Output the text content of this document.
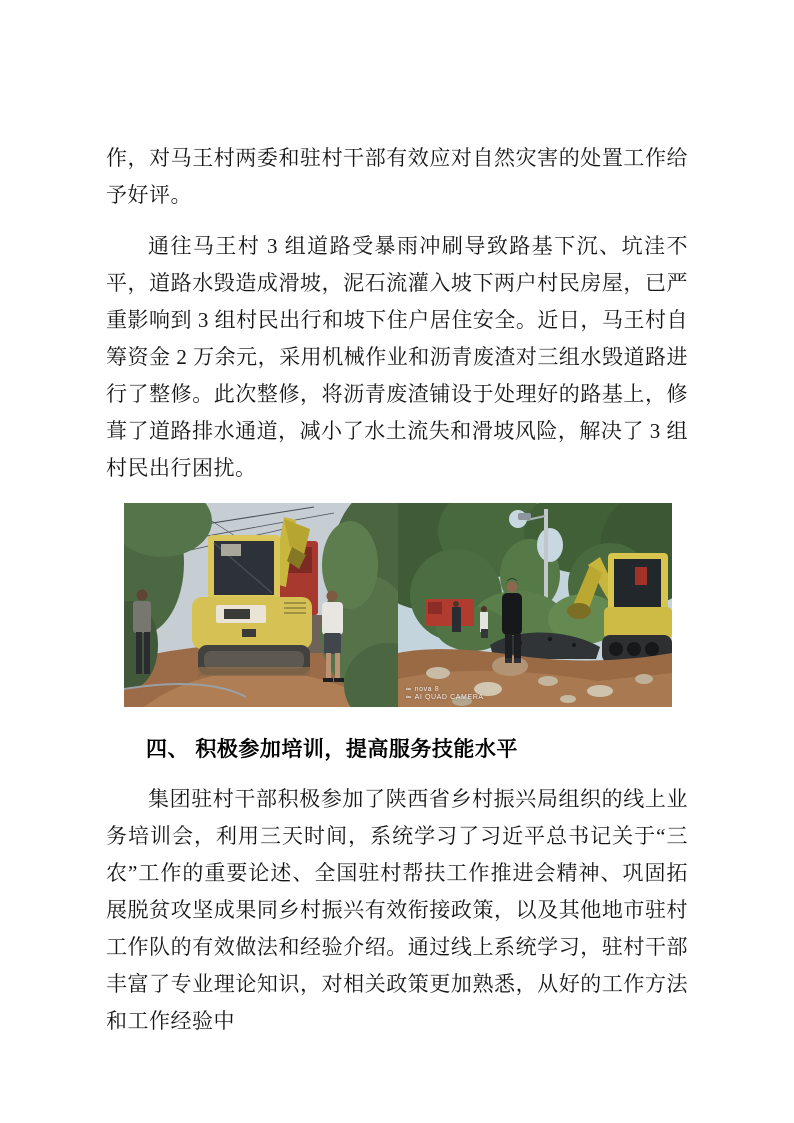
作，对马王村两委和驻村干部有效应对自然灾害的处置工作给予好评。

通往马王村 3 组道路受暴雨冲刷导致路基下沉、坑洼不平，道路水毁造成滑坡，泥石流灌入坡下两户村民房屋，已严重影响到 3 组村民出行和坡下住户居住安全。近日，马王村自筹资金 2 万余元，采用机械作业和沥青废渣对三组水毁道路进行了整修。此次整修，将沥青废渣铺设于处理好的路基上，修葺了道路排水通道，减小了水土流失和滑坡风险，解决了 3 组村民出行困扰。

∞ nova 8
∞ AI QUAD CAMERA
四、 积极参加培训，提高服务技能水平

集团驻村干部积极参加了陕西省乡村振兴局组织的线上业务培训会，利用三天时间，系统学习了习近平总书记关于“三农”工作的重要论述、全国驻村帮扶工作推进会精神、巩固拓展脱贫攻坚成果同乡村振兴有效衔接政策，以及其他地市驻村工作队的有效做法和经验介绍。通过线上系统学习，驻村干部丰富了专业理论知识，对相关政策更加熟悉，从好的工作方法和工作经验中
